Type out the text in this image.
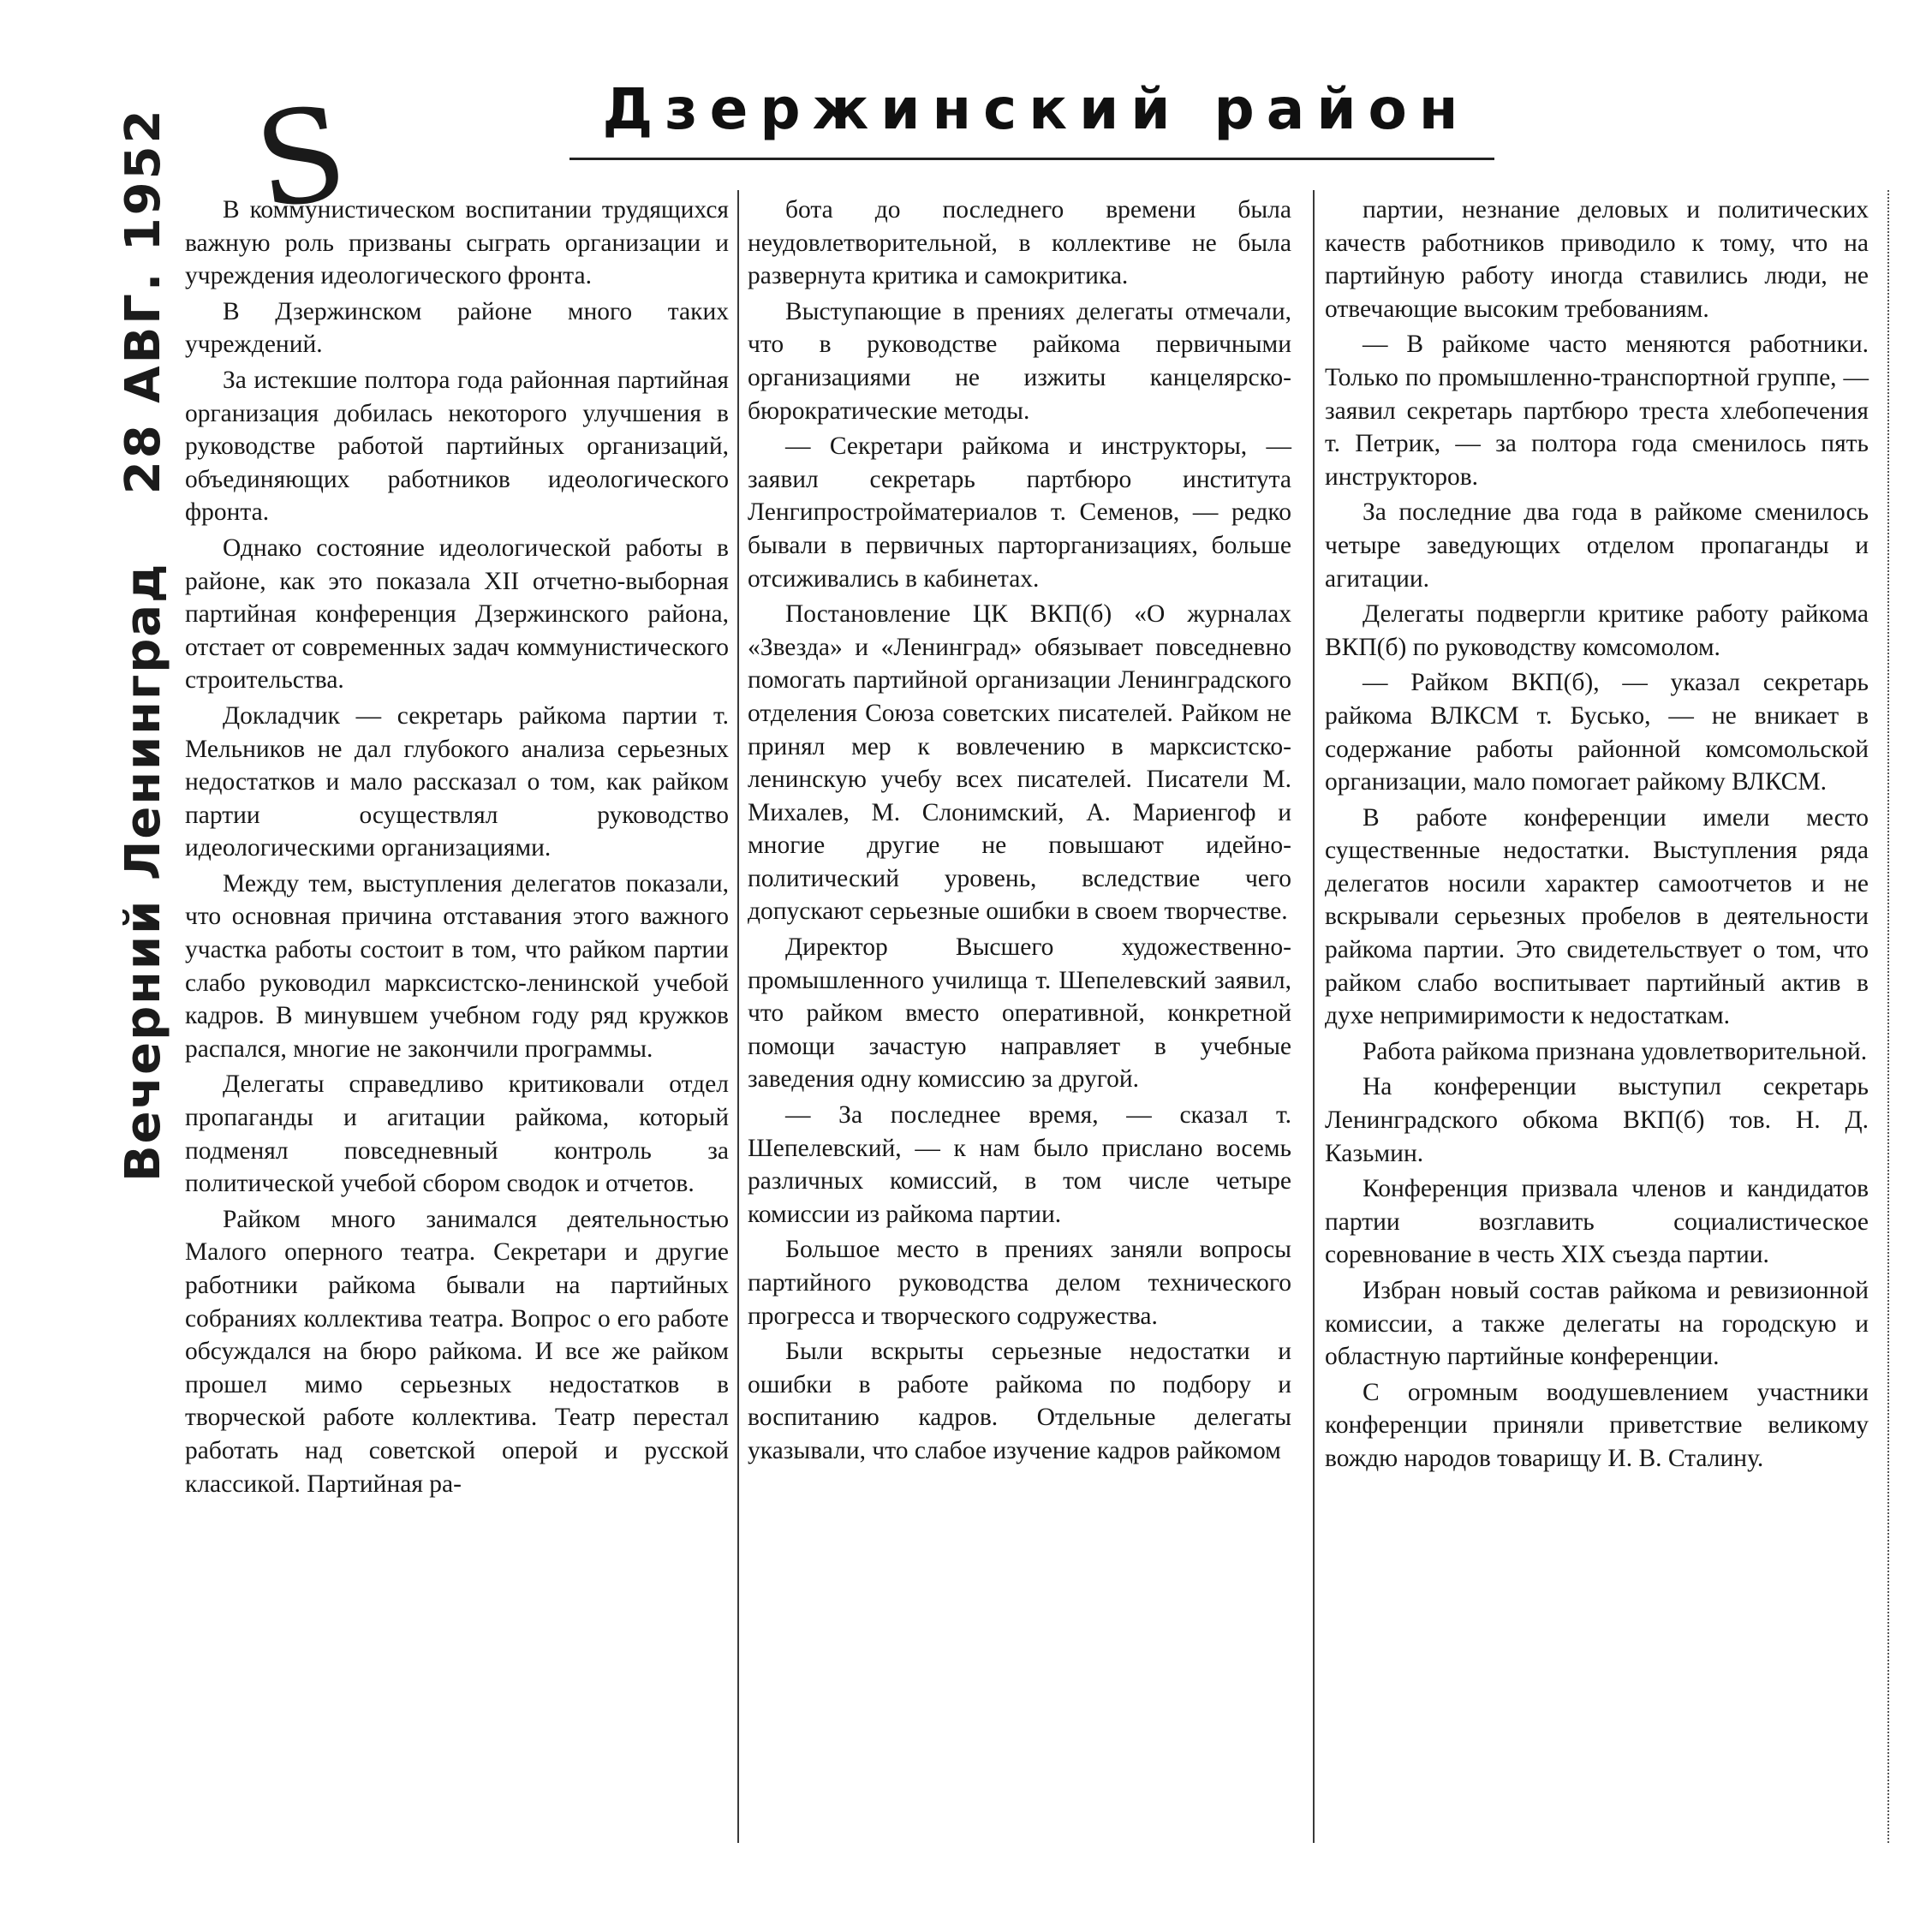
S	Дзержинский район
Вечерний Ленинград 28 АВГ. 1952	В коммунистическом воспитании трудящихся важную роль призваны сыграть организации и учреждения идеологического фронта.

В Дзержинском районе много таких учреждений.

За истекшие полтора года районная партийная организация добилась некоторого улучшения в руководстве работой партийных организаций, объединяющих работников идеологического фронта.

Однако состояние идеологической работы в районе, как это показала XII отчетно-выборная партийная конференция Дзержинского района, отстает от современных задач коммунистического строительства.

Докладчик — секретарь райкома партии т. Мельников не дал глубокого анализа серьезных недостатков и мало рассказал о том, как райком партии осуществлял руководство идеологическими организациями.

Между тем, выступления делегатов показали, что основная причина отставания этого важного участка работы состоит в том, что райком партии слабо руководил марксистско-ленинской учебой кадров. В минувшем учебном году ряд кружков распался, многие не закончили программы.

Делегаты справедливо критиковали отдел пропаганды и агитации райкома, который подменял повседневный контроль за политической учебой сбором сводок и отчетов.

Райком много занимался деятельностью Малого оперного театра. Секретари и другие работники райкома бывали на партийных собраниях коллектива театра. Вопрос о его работе обсуждался на бюро райкома. И все же райком прошел мимо серьезных недостатков в творческой работе коллектива. Театр перестал работать над советской оперой и русской классикой. Партийная ра-

бота до последнего времени была неудовлетворительной, в коллективе не была развернута критика и самокритика.

Выступающие в прениях делегаты отмечали, что в руководстве райкома первичными организациями не изжиты канцелярско-бюрократические методы.

— Секретари райкома и инструкторы, — заявил секретарь партбюро института Ленгипростройматериалов т. Семенов, — редко бывали в первичных парторганизациях, больше отсиживались в кабинетах.

Постановление ЦК ВКП(б) «О журналах «Звезда» и «Ленинград» обязывает повседневно помогать партийной организации Ленинградского отделения Союза советских писателей. Райком не принял мер к вовлечению в марксистско-ленинскую учебу всех писателей. Писатели М. Михалев, М. Слонимский, А. Мариенгоф и многие другие не повышают идейно-политический уровень, вследствие чего допускают серьезные ошибки в своем творчестве.

Директор Высшего художественно-промышленного училища т. Шепелевский заявил, что райком вместо оперативной, конкретной помощи зачастую направляет в учебные заведения одну комиссию за другой.

— За последнее время, — сказал т. Шепелевский, — к нам было прислано восемь различных комиссий, в том числе четыре комиссии из райкома партии.

Большое место в прениях заняли вопросы партийного руководства делом технического прогресса и творческого содружества.

Были вскрыты серьезные недостатки и ошибки в работе райкома по подбору и воспитанию кадров. Отдельные делегаты указывали, что слабое изучение кадров райкомом

партии, незнание деловых и политических качеств работников приводило к тому, что на партийную работу иногда ставились люди, не отвечающие высоким требованиям.

— В райкоме часто меняются работники. Только по промышленно-транспортной группе, — заявил секретарь партбюро треста хлебопечения т. Петрик, — за полтора года сменилось пять инструкторов.

За последние два года в райкоме сменилось четыре заведующих отделом пропаганды и агитации.

Делегаты подвергли критике работу райкома ВКП(б) по руководству комсомолом.

— Райком ВКП(б), — указал секретарь райкома ВЛКСМ т. Буськo, — не вникает в содержание работы районной комсомольской организации, мало помогает райкому ВЛКСМ.

В работе конференции имели место существенные недостатки. Выступления ряда делегатов носили характер самоотчетов и не вскрывали серьезных пробелов в деятельности райкома партии. Это свидетельствует о том, что райком слабо воспитывает партийный актив в духе непримиримости к недостаткам.

Работа райкома признана удовлетворительной.

На конференции выступил секретарь Ленинградского обкома ВКП(б) тов. Н. Д. Казьмин.

Конференция призвала членов и кандидатов партии возглавить социалистическое соревнование в честь XIX съезда партии.

Избран новый состав райкома и ревизионной комиссии, а также делегаты на городскую и областную партийные конференции.

С огромным воодушевлением участники конференции приняли приветствие великому вождю народов товарищу И. В. Сталину.
